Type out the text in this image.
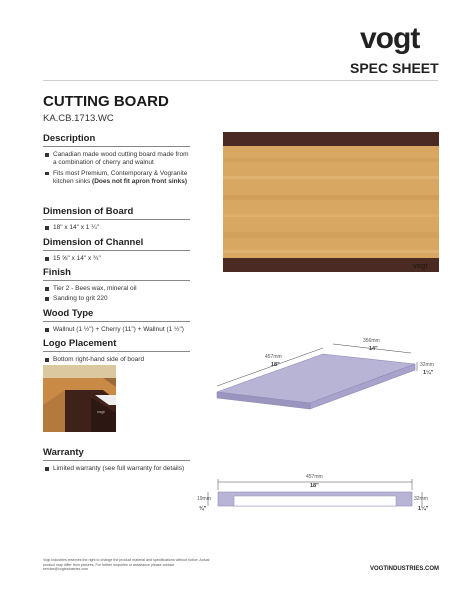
vogt
SPEC SHEET
CUTTING BOARD
KA.CB.1713.WC
Description
Canadian made wood cutting board made from a combination of cherry and walnut
Fits most Premium, Contemporary & Vogranite kitchen sinks (Does not fit apron front sinks)
Dimension of Board
18" x 14" x 1 ¼"
Dimension of Channel
15 ⅝" x 14" x ¾"
Finish
Tier 2 - Bees wax, mineral oil
Sanding to grit 220
Wood Type
Wallnut (1 ½") + Cherry (11") + Wallnut (1 ½")
Logo Placement
Bottom right-hand side of board
vogt
Warranty
Limited warranty (see full warranty for details)
vogt
457mm
18"
356mm
14"
32mm
1¼"
457mm
18"
19mm
¾"
32mm
1¼"
Vogt Industries reserves the right to change the product material and specifications without notice. Actual product may differ from pictures. For further enquiries or assistance please contact service@vogtindustries.com	VOGTINDUSTRIES.COM
